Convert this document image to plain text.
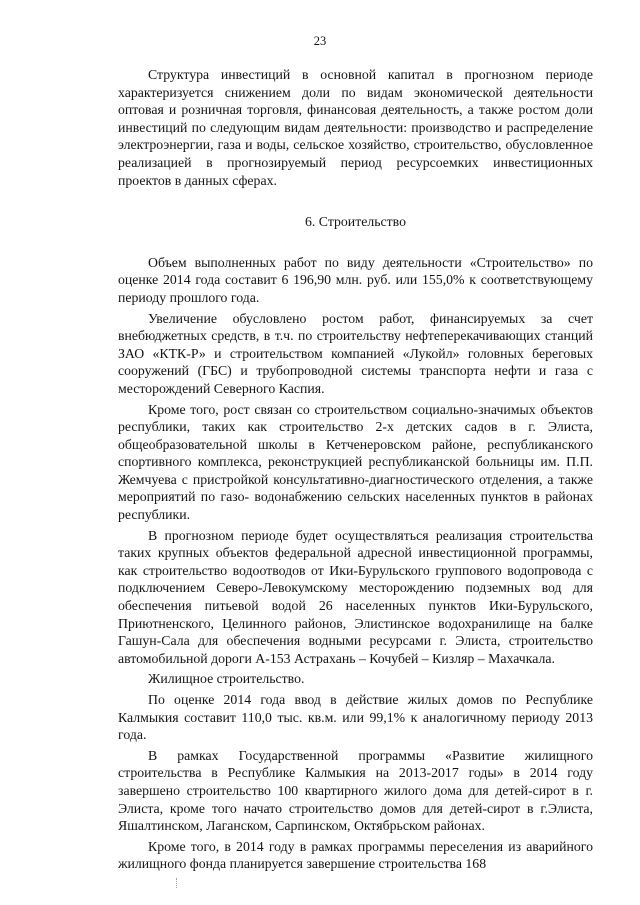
23

Структура инвестиций в основной капитал в прогнозном периоде характеризуется снижением доли по видам экономической деятельности оптовая и розничная торговля, финансовая деятельность, а также ростом доли инвестиций по следующим видам деятельности: производство и распределение электроэнергии, газа и воды, сельское хозяйство, строительство, обусловленное реализацией в прогнозируемый период ресурсоемких инвестиционных проектов в данных сферах.

6. Строительство

Объем выполненных работ по виду деятельности «Строительство» по оценке 2014 года составит 6 196,90 млн. руб. или 155,0% к соответствующему периоду прошлого года.

Увеличение обусловлено ростом работ, финансируемых за счет внебюджетных средств, в т.ч. по строительству нефтеперекачивающих станций ЗАО «КТК-Р» и строительством компанией «Лукойл» головных береговых сооружений (ГБС) и трубопроводной системы транспорта нефти и газа с месторождений Северного Каспия.

Кроме того, рост связан со строительством социально-значимых объектов республики, таких как строительство 2-х детских садов в г. Элиста, общеобразовательной школы в Кетченеровском районе, республиканского спортивного комплекса, реконструкцией республиканской больницы им. П.П. Жемчуева с пристройкой консультативно-диагностического отделения, а также мероприятий по газо- водонабжению сельских населенных пунктов в районах республики.

В прогнозном периоде будет осуществляться реализация строительства таких крупных объектов федеральной адресной инвестиционной программы, как строительство водоотводов от Ики-Бурульского группового водопровода с подключением Северо-Левокумскому месторождению подземных вод для обеспечения питьевой водой 26 населенных пунктов Ики-Бурульского, Приютненского, Целинного районов, Элистинское водохранилище на балке Гашун-Сала для обеспечения водными ресурсами г. Элиста, строительство автомобильной дороги А-153 Астрахань – Кочубей – Кизляр – Махачкала.

Жилищное строительство.

По оценке 2014 года ввод в действие жилых домов по Республике Калмыкия составит 110,0 тыс. кв.м. или 99,1% к аналогичному периоду 2013 года.

В рамках Государственной программы «Развитие жилищного строительства в Республике Калмыкия на 2013-2017 годы» в 2014 году завершено строительство 100 квартирного жилого дома для детей-сирот в г. Элиста, кроме того начато строительство домов для детей-сирот в г.Элиста, Яшалтинском, Лаганском, Сарпинском, Октябрьском районах.

Кроме того, в 2014 году в рамках программы переселения из аварийного жилищного фонда планируется завершение строительства 168
